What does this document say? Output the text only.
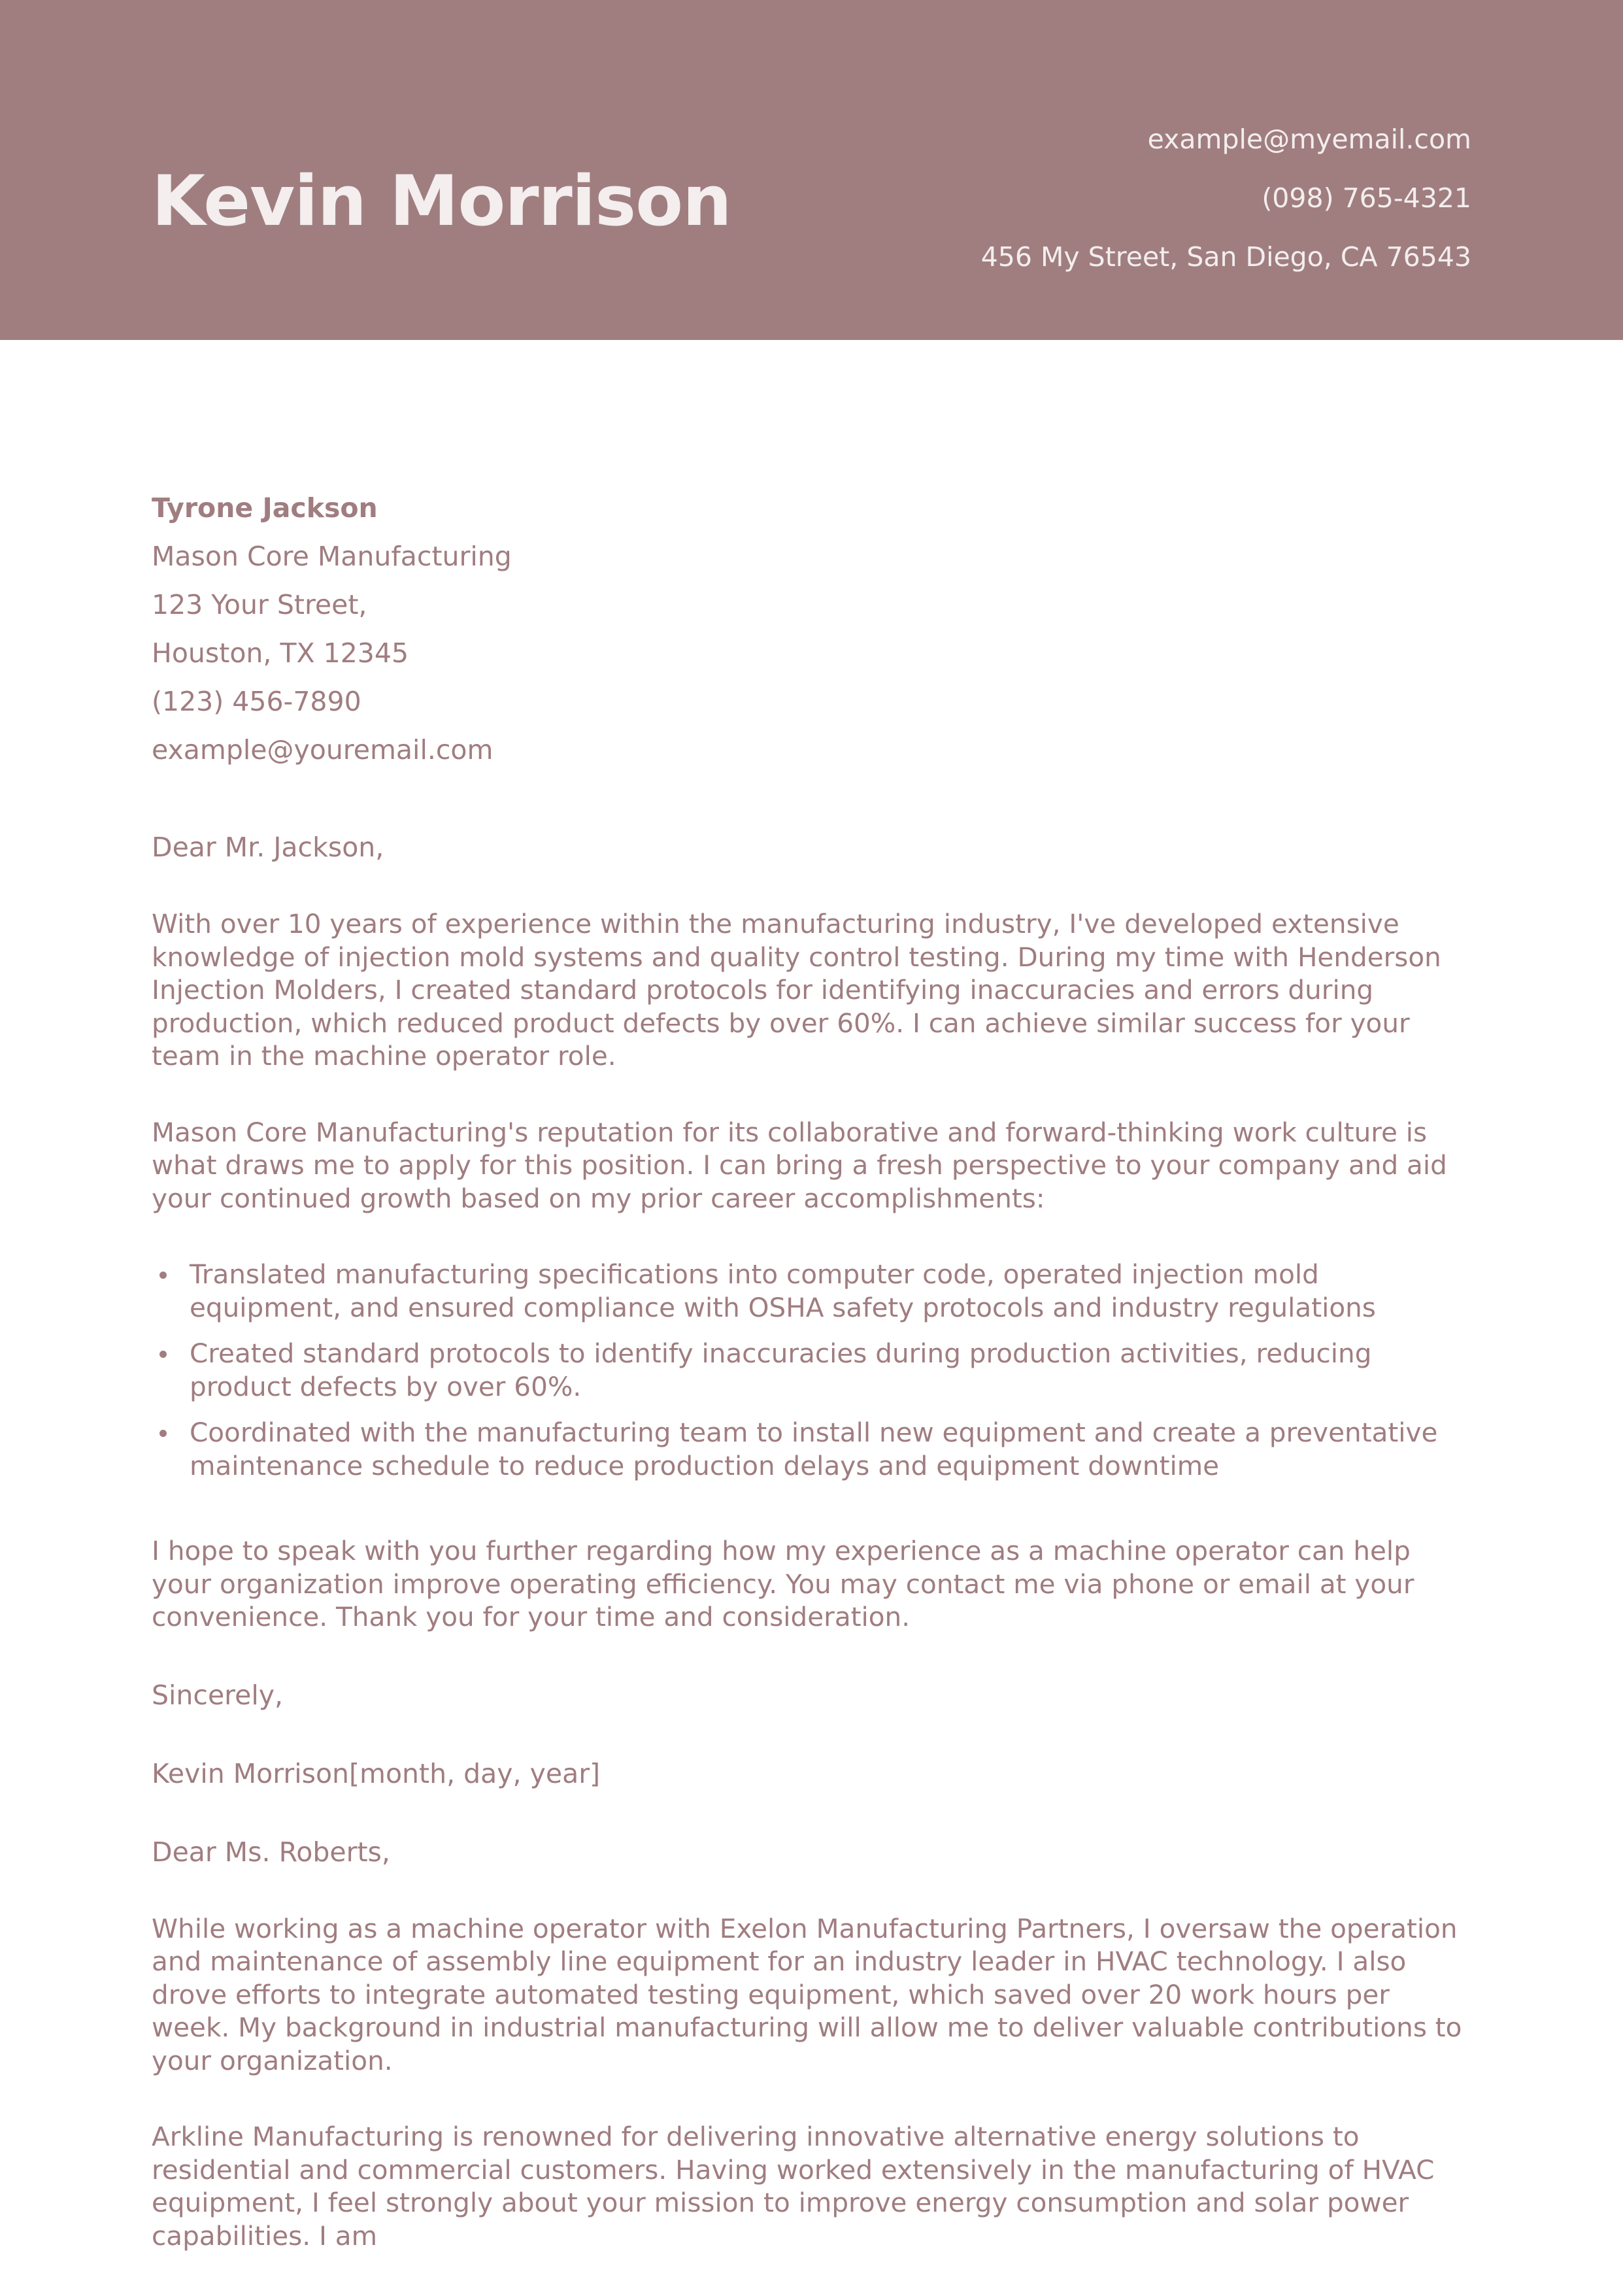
Kevin Morrison
example@myemail.com
(098) 765-4321
456 My Street, San Diego, CA 76543
Tyrone Jackson
Mason Core Manufacturing
123 Your Street,
Houston, TX 12345
(123) 456-7890
example@youremail.com
Dear Mr. Jackson,

With over 10 years of experience within the manufacturing industry, I've developed extensive knowledge of injection mold systems and quality control testing. During my time with Henderson Injection Molders, I created standard protocols for identifying inaccuracies and errors during production, which reduced product defects by over 60%. I can achieve similar success for your team in the machine operator role.

Mason Core Manufacturing's reputation for its collaborative and forward-thinking work culture is what draws me to apply for this position. I can bring a fresh perspective to your company and aid your continued growth based on my prior career accomplishments:

Translated manufacturing specifications into computer code, operated injection mold equipment, and ensured compliance with OSHA safety protocols and industry regulations
Created standard protocols to identify inaccuracies during production activities, reducing product defects by over 60%.
Coordinated with the manufacturing team to install new equipment and create a preventative maintenance schedule to reduce production delays and equipment downtime

I hope to speak with you further regarding how my experience as a machine operator can help your organization improve operating efficiency. You may contact me via phone or email at your convenience. Thank you for your time and consideration.

Sincerely,
Kevin Morrison[month, day, year]
Dear Ms. Roberts,

While working as a machine operator with Exelon Manufacturing Partners, I oversaw the operation and maintenance of assembly line equipment for an industry leader in HVAC technology. I also drove efforts to integrate automated testing equipment, which saved over 20 work hours per week. My background in industrial manufacturing will allow me to deliver valuable contributions to your organization.

Arkline Manufacturing is renowned for delivering innovative alternative energy solutions to residential and commercial customers. Having worked extensively in the manufacturing of HVAC equipment, I feel strongly about your mission to improve energy consumption and solar power capabilities. I am
